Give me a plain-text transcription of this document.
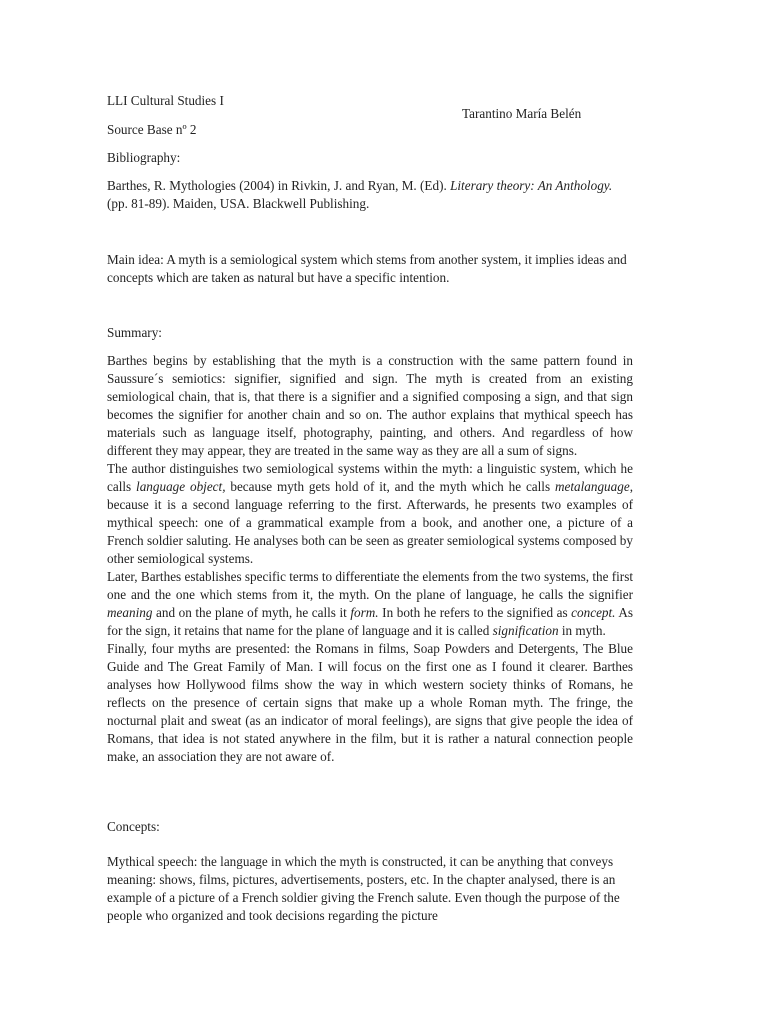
LLI Cultural Studies I

Tarantino María Belén

Source Base nº 2

Bibliography:

Barthes, R. Mythologies (2004) in Rivkin, J. and Ryan, M. (Ed). Literary theory: An Anthology. (pp. 81-89). Maiden, USA. Blackwell Publishing.

Main idea: A myth is a semiological system which stems from another system, it implies ideas and concepts which are taken as natural but have a specific intention.

Summary:

Barthes begins by establishing that the myth is a construction with the same pattern found in Saussure´s semiotics: signifier, signified and sign. The myth is created from an existing semiological chain, that is, that there is a signifier and a signified composing a sign, and that sign becomes the signifier for another chain and so on. The author explains that mythical speech has materials such as language itself, photography, painting, and others. And regardless of how different they may appear, they are treated in the same way as they are all a sum of signs.

The author distinguishes two semiological systems within the myth: a linguistic system, which he calls language object, because myth gets hold of it, and the myth which he calls metalanguage, because it is a second language referring to the first. Afterwards, he presents two examples of mythical speech: one of a grammatical example from a book, and another one, a picture of a French soldier saluting. He analyses both can be seen as greater semiological systems composed by other semiological systems.

Later, Barthes establishes specific terms to differentiate the elements from the two systems, the first one and the one which stems from it, the myth. On the plane of language, he calls the signifier meaning and on the plane of myth, he calls it form. In both he refers to the signified as concept. As for the sign, it retains that name for the plane of language and it is called signification in myth.

Finally, four myths are presented: the Romans in films, Soap Powders and Detergents, The Blue Guide and The Great Family of Man. I will focus on the first one as I found it clearer. Barthes analyses how Hollywood films show the way in which western society thinks of Romans, he reflects on the presence of certain signs that make up a whole Roman myth. The fringe, the nocturnal plait and sweat (as an indicator of moral feelings), are signs that give people the idea of Romans, that idea is not stated anywhere in the film, but it is rather a natural connection people make, an association they are not aware of.

Concepts:

Mythical speech: the language in which the myth is constructed, it can be anything that conveys meaning: shows, films, pictures, advertisements, posters, etc. In the chapter analysed, there is an example of a picture of a French soldier giving the French salute. Even though the purpose of the people who organized and took decisions regarding the picture
